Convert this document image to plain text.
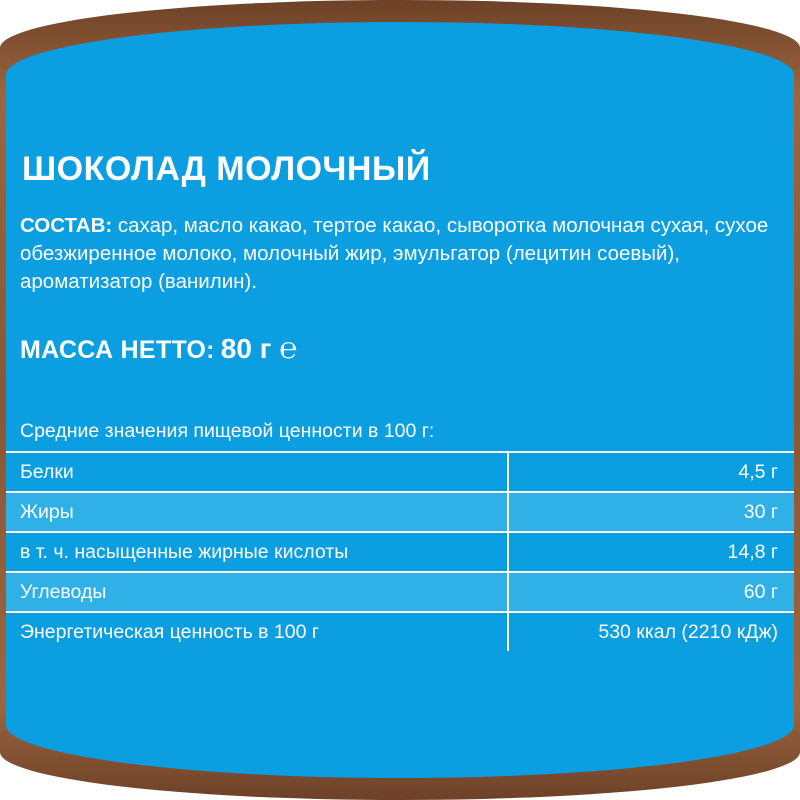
ШОКОЛАД МОЛОЧНЫЙ
СОСТАВ: сахар, масло какао, тертое какао, сыворотка молочная сухая, сухое обезжиренное молоко, молочный жир, эмульгатор (лецитин соевый), ароматизатор (ванилин).
МАССА НЕТТО: 80 г ℮
Средние значения пищевой ценности в 100 г:	
Белки	4,5 г
Жиры	30 г
в т. ч. насыщенные жирные кислоты	14,8 г
Углеводы	60 г
Энергетическая ценность в 100 г	530 ккал (2210 кДж)
